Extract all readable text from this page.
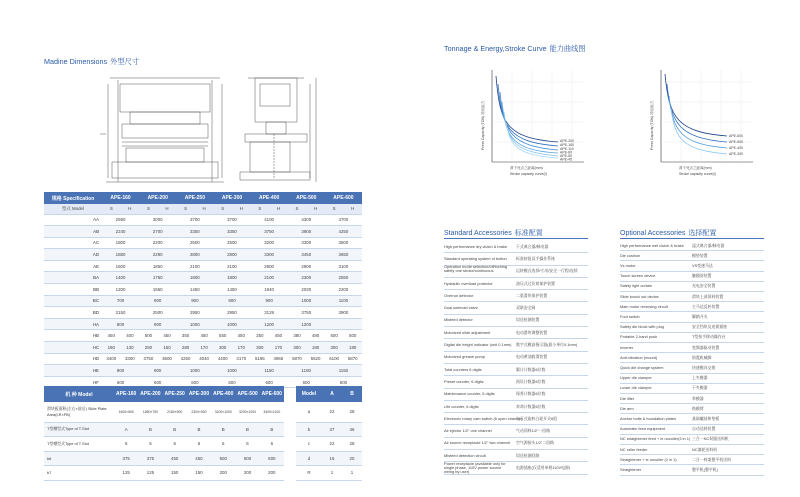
Madine Dimensions 外型尺寸
Tonnage & Energy,Stroke Curve 能力曲线图
APE-200
APE-160
APE-110
APE-80
APE-60
APE-45
Press Capacity (TON) 冲压能力
滑下死点之距离(mm)
Stroke capacity curve(t)
APE-600
APE-500
APE-400
APE-300
Press Capacity (TON) 冲压能力
滑下死点之距离(mm)
Stroke capacity curve(t)
规格 Specification	APE-160		APE-200		APE-250		APE-300		APE-400		APE-500		APE-600	
型式 Model	S	H	S	H	S	H	S	H	S	H	S	H	S	H
AA	2590		3000		3700		3700		4100		4300		4700	
AB	2240		2700		3350		3350		3750		3900		4250	
AC	1800		2200		2500		2500		3200		3300		3500	
AD	1880		2290		2800		2800		3300		3450		3650	
AE	1600		1850		2100		2100		2800		2900		3100	
BA	1400		1750		1800		1800		2100		2300		2550	
BB	1200		1550		1450		1450		1940		2030		2200	
BC	700		900		900		900		900		1000		1100	
BD	2150		2500		2950		2950		3129		3750		3900	
HA	800		900		1000		1000		1200		1200			
HB	450	400	500	450	350	450	550	450	350	450	380	480	600	500
HC	190	130	250	150	280	170	300	170	300	170	300	180	300	180
HD	3400	3300	3750	3600	4250	4040	4400	4170	5195	4965	5870	5620	6100	5870
HE	900		900		1000		1000		1150		1150		1150	
HF	600		600		600		600		600		600		600	
机 种 Model	APE-160	APE-200	APE-250	APE-300	APE-400	APE-500	APE-600
滑块板面积(左右×前后) Slide Plate Area(LR×FB)	1600×650	1850×750	2180×900	2300×900	3100×1000	3200×1000	3400×1100
T型槽型式Type of T-Slot	A	B	B	B	B	B	B
T型槽型式Type of T-Slot	6	6	6	6	6	6	6
b6	375	375	450	450	600	600	600
b7	125	125	150	150	200	200	200
Model	A	B
a	22	28
b	37	46
c	22	28
d	16	20
R	1	1
Standard Accessories 标准配置
High performance dry clutch & brake	干式离合器/制动器
Standard operating system of button	标准按钮双手操作系统
Operation mode selection/off/inching safety one stroke/continuous	运转模式选择/寸动/安全一行程/连续
Hydraulic overload protector	油压式过负荷保护装置
Overrun detector	二重滑块保护装置
Dual solenoid valve	双联安全阀
Misfeed detector	误送检测装置
Motorized slide adjustment	电动滑块调整装置
Digital die height indicator (unit 0.1mm) 数字式模高指示器(最小单位0.1mm)
Motorized grease pump	电动黄油润滑装置
Total counters 6 digits	累计计数器6位数
Preset counter, 6 digits	预设计数器6位数
Maintenance counter, 6 digits	保养计数器6位数
Life counter, 6 digits	寿命计数器6位数
Electronic rotary cam switch (6 open channel)
电子式旋转凸轮开关6组
Air ejector 1/2" one channel	气动顶料1/2"一回路
Air source receptacle 1/2" two channel	空气源接头1/2"二回路
Misfeed detection circuit	误送检测回路
Power receptacle (available only for single phase, 110V power source wiring by user)
电源插座(仅适用单相110V电源)
Optional Accessories 选择配置
High performance wet clutch & brake	湿式离合器/制动器
Die cushion	模垫装置
Vs motor	VS变速马达
Touch screen device	触摸屏装置
Safety light curtain	光电安全装置
Slide knock out device	滑块上部顶料装置
Main motor reversing circuit	主马达反转装置
Foot switch	脚踏开关
Safety die block with plug	安全挡块及连锁插座
Portable 2-hand push	T型按手移动操作台
Inverter	变频器驱动装置
Anti-vibration (mount)	防震机械脚
Quick die change system	快速模具交换
Upper die clamper	上夹模器
Lower die clamper	下夹模器
Die lifter	举模器
Die arm	换模臂
Anchor bolts & foundation plates	基础螺丝和垫板
Automatic feed equipment	自动送料装置
NC straightener feed + le uncoiler(3 in 1) 三合一NC伺服送料机
NC roller feeder	NC滚轮送料机
Straightener + le uncoiler (2 in 1)	二合一料架整平机送料
Straightener	整平机(整平机)
